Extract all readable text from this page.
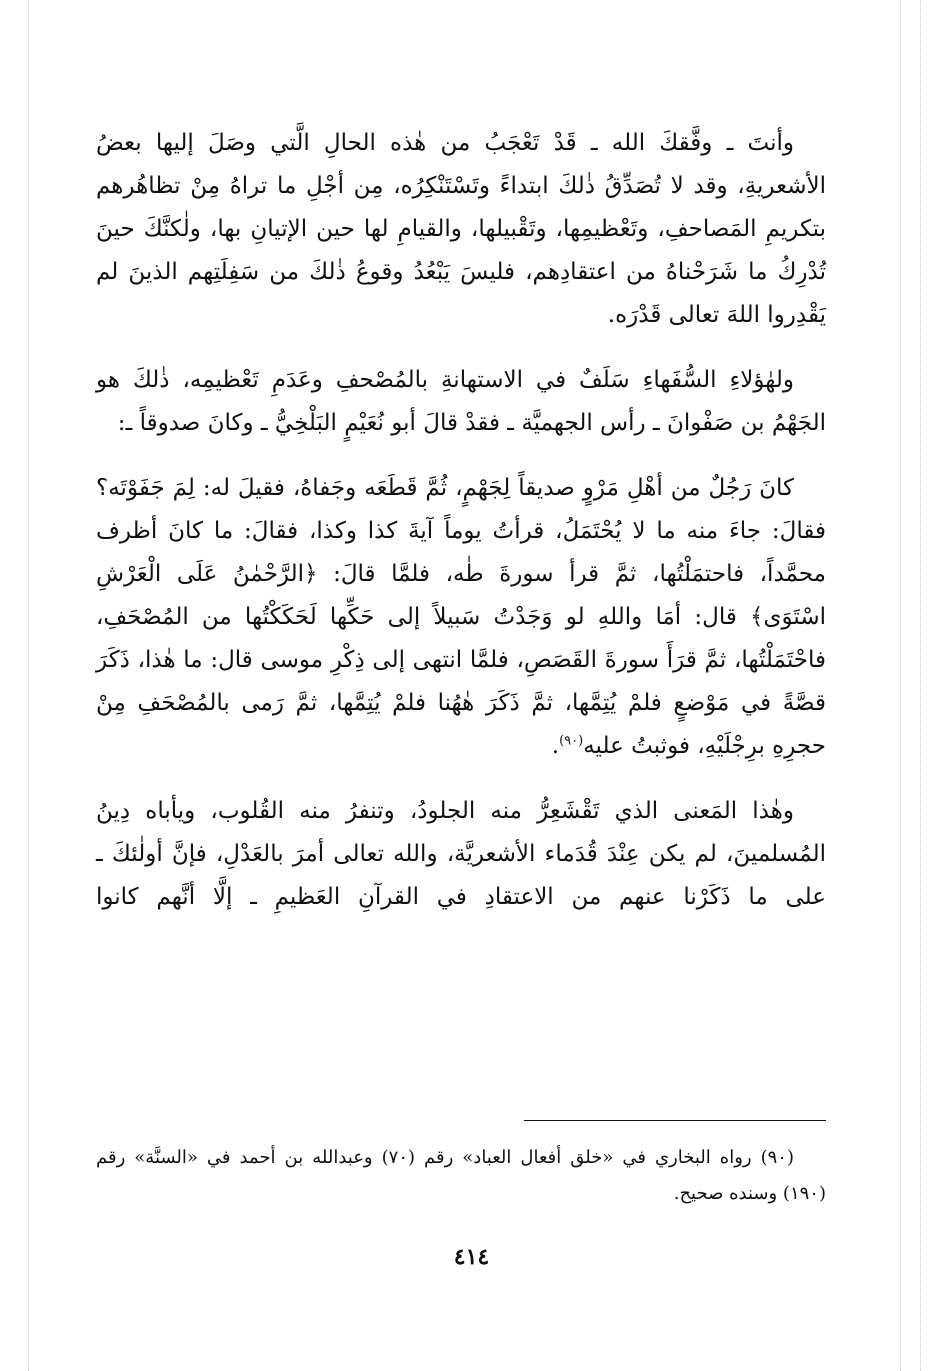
وأنتَ ـ وفَّقكَ الله ـ قَدْ تَعْجَبُ من هٰذه الحالِ الَّتي وصَلَ إليها بعضُ الأشعريةِ، وقد لا تُصَدِّقُ ذٰلكَ ابتداءً وتَسْتَنْكِرُه، مِن أجْلِ ما تراهُ مِنْ تظاهُرهم بتكريمِ المَصاحفِ، وتَعْظيمِها، وتَقْبيلها، والقيامِ لها حين الإتيانِ بها، ولٰكنَّكَ حينَ تُدْرِكُ ما شَرَحْناهُ من اعتقادِهم، فليسَ يَبْعُدُ وقوعُ ذٰلكَ من سَفِلَتِهم الذينَ لم يَقْدِروا اللهَ تعالى قَدْرَه.

ولهٰؤلاءِ السُّفَهاءِ سَلَفٌ في الاستهانةِ بالمُصْحفِ وعَدَمِ تَعْظيمِه، ذٰلكَ هو الجَهْمُ بن صَفْوانَ ـ رأس الجهميَّة ـ فقدْ قالَ أبو نُعَيْمٍ البَلْخِيُّ ـ وكانَ صدوقاً ـ:

كانَ رَجُلٌ من أهْلِ مَرْوٍ صديقاً لِجَهْمٍ، ثُمَّ قَطَعَه وجَفاهُ، فقيلَ له: لِمَ جَفَوْتَه؟ فقالَ: جاءَ منه ما لا يُحْتَمَلُ، قرأتُ يوماً آيةَ كذا وكذا، فقالَ: ما كانَ أظرف محمَّداً، فاحتمَلْتُها، ثمَّ قرأ سورةَ طٰه، فلمَّا قالَ: ﴿الرَّحْمٰنُ عَلَى الْعَرْشِ اسْتَوَى﴾ قال: أمَا واللهِ لو وَجَدْتُ سَبيلاً إلى حَكِّها لَحَكَكْتُها من المُصْحَفِ، فاحْتَمَلْتُها، ثمَّ قرَأَ سورةَ القَصَصِ، فلمَّا انتهى إلى ذِكْرِ موسى قال: ما هٰذا، ذَكَرَ قصَّةً في مَوْضعٍ فلمْ يُتِمَّها، ثمَّ ذَكَرَ هٰهُنا فلمْ يُتِمَّها، ثمَّ رَمى بالمُصْحَفِ مِنْ حجرِهِ برِجْلَيْهِ، فوثبتُ عليه$^{(٩٠)}$.

وهٰذا المَعنى الذي تَقْشَعِرُّ منه الجلودُ، وتنفرُ منه القُلوب، ويأباه دِينُ المُسلمينَ، لم يكن عِنْدَ قُدَماء الأشعريَّة، والله تعالى أمرَ بالعَدْلِ، فإنَّ أولٰئكَ ـ على ما ذَكَرْنا عنهم من الاعتقادِ في القرآنِ العَظيمِ ـ إلَّا أنَّهم كانوا

(٩٠) رواه البخاري في «خلق أفعال العباد» رقم (٧٠) وعبدالله بن أحمد في «السنَّة» رقم (١٩٠) وسنده صحيح.
٤١٤
